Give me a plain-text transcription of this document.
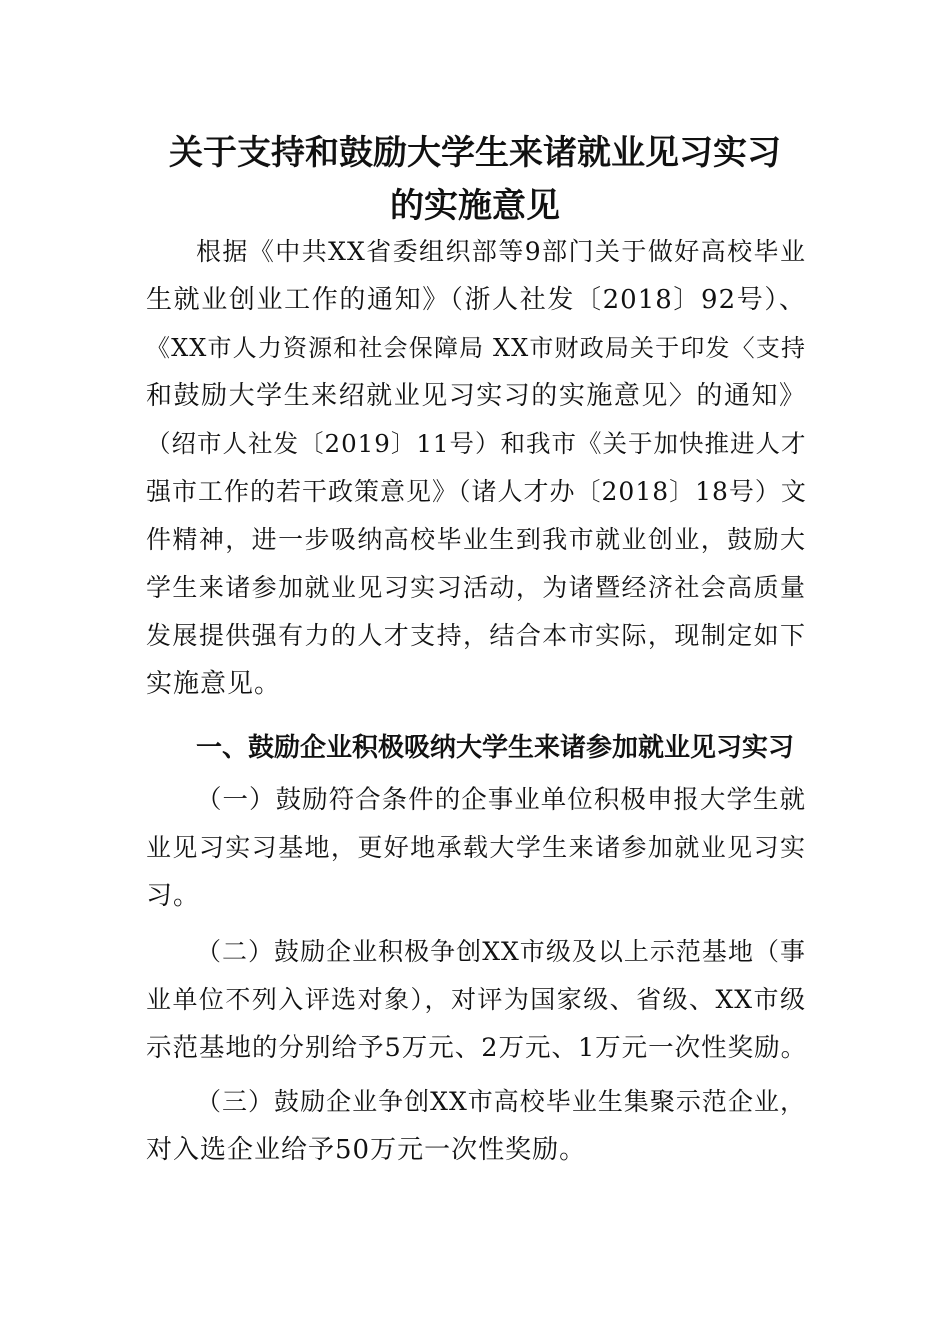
关于支持和鼓励大学生来诸就业见习实习
的实施意见
根据《中共XX省委组织部等9部门关于做好高校毕业
生就业创业工作的通知》（浙人社发〔2018〕92号）、
《XX市人力资源和社会保障局 XX市财政局关于印发〈支持
和鼓励大学生来绍就业见习实习的实施意见〉的通知》
（绍市人社发〔2019〕11号）和我市《关于加快推进人才
强市工作的若干政策意见》（诸人才办〔2018〕18号）文
件精神，进一步吸纳高校毕业生到我市就业创业，鼓励大
学生来诸参加就业见习实习活动，为诸暨经济社会高质量
发展提供强有力的人才支持，结合本市实际，现制定如下
实施意见。
一、鼓励企业积极吸纳大学生来诸参加就业见习实习
（一）鼓励符合条件的企事业单位积极申报大学生就
业见习实习基地，更好地承载大学生来诸参加就业见习实
习。
（二）鼓励企业积极争创XX市级及以上示范基地（事
业单位不列入评选对象），对评为国家级、省级、XX市级
示范基地的分别给予5万元、2万元、1万元一次性奖励。
（三）鼓励企业争创XX市高校毕业生集聚示范企业，
对入选企业给予50万元一次性奖励。
